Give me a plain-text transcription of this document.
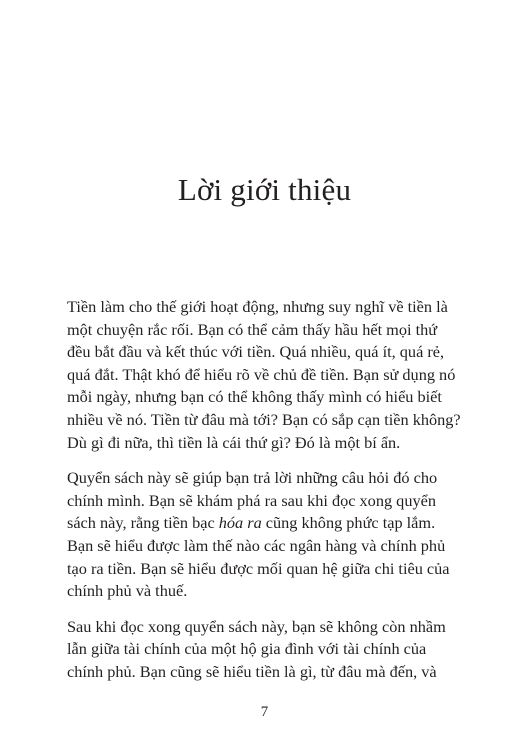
Lời giới thiệu

Tiền làm cho thế giới hoạt động, nhưng suy nghĩ về tiền là
một chuyện rắc rối. Bạn có thể cảm thấy hầu hết mọi thứ
đều bắt đầu và kết thúc với tiền. Quá nhiều, quá ít, quá rẻ,
quá đắt. Thật khó để hiểu rõ về chủ đề tiền. Bạn sử dụng nó
mỗi ngày, nhưng bạn có thể không thấy mình có hiểu biết
nhiều về nó. Tiền từ đâu mà tới? Bạn có sắp cạn tiền không?
Dù gì đi nữa, thì tiền là cái thứ gì? Đó là một bí ẩn.

Quyển sách này sẽ giúp bạn trả lời những câu hỏi đó cho
chính mình. Bạn sẽ khám phá ra sau khi đọc xong quyển
sách này, rằng tiền bạc hóa ra cũng không phức tạp lắm.
Bạn sẽ hiểu được làm thế nào các ngân hàng và chính phủ
tạo ra tiền. Bạn sẽ hiểu được mối quan hệ giữa chi tiêu của
chính phủ và thuế.

Sau khi đọc xong quyển sách này, bạn sẽ không còn nhầm
lẫn giữa tài chính của một hộ gia đình với tài chính của
chính phủ. Bạn cũng sẽ hiểu tiền là gì, từ đâu mà đến, và

7
